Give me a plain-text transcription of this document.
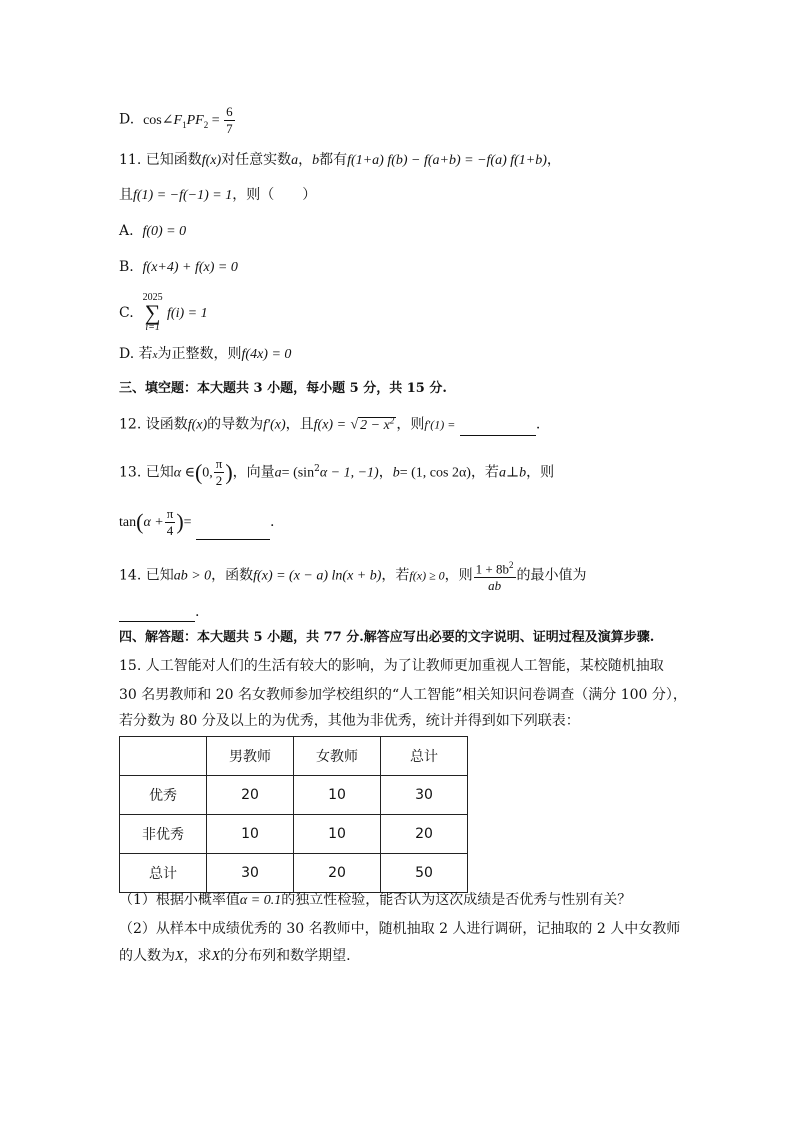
D. $\cos\angle F_1PF_2 = \frac{6}{7}$
11. 已知函数f(x)对任意实数a，b都有f(1+a) f(b) − f(a+b) = −f(a) f(1+b)，
且f(1) = −f(−1) = 1，则（　　）
A. f(0) = 0
B. f(x+4) + f(x) = 0
C.  2025
∑
i=1 f(i) = 1
D. 若x为正整数，则f(4x) = 0
三、填空题：本大题共 3 小题，每小题 5 分，共 15 分.
12. 设函数f(x)的导数为f′(x)，且f(x) = √ $2 - x^2$ ，则f′(1) =	.
13. 已知α ∈(0, $\frac{\pi}{2}$ )，向量$a= (\sin^2\alpha - 1$, −1)，b= (1, cos 2α)，若a⊥b，则
$\tan(\alpha + \frac{\pi}{4}$ )=	.
14. 已知ab > 0，函数f(x) = (x − a) ln(x + b)，若f(x) ≥ 0，则 $\frac{1 + 8b^2}{ab}$ 的最小值为
.
四、解答题：本大题共 5 小题，共 77 分.解答应写出必要的文字说明、证明过程及演算步骤.
15. 人工智能对人们的生活有较大的影响，为了让教师更加重视人工智能，某校随机抽取
30 名男教师和 20 名女教师参加学校组织的“人工智能”相关知识问卷调查（满分 100 分），
若分数为 80 分及以上的为优秀，其他为非优秀，统计并得到如下列联表：
	男教师	女教师	总计
优秀	20	10	30
非优秀	10	10	20
总计	30	20	50
（1）根据小概率值α = 0.1的独立性检验，能否认为这次成绩是否优秀与性别有关？
（2）从样本中成绩优秀的 30 名教师中，随机抽取 2 人进行调研，记抽取的 2 人中女教师
的人数为X，求X的分布列和数学期望.
